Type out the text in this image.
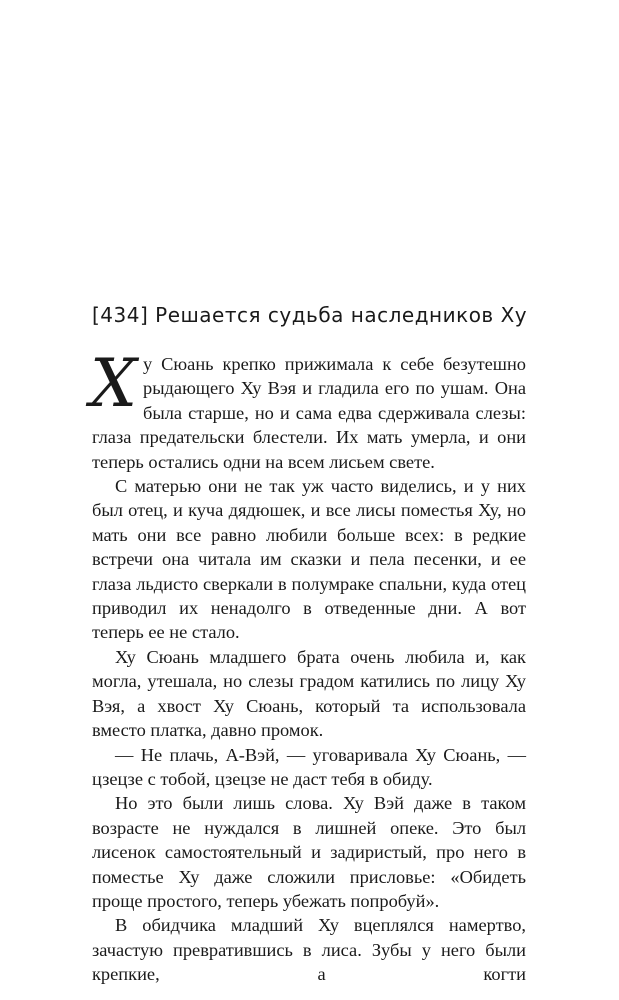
[434] Решается судьба наследников Ху

Ху Сюань крепко прижимала к себе безутешно рыдающего Ху Вэя и гладила его по ушам. Она была старше, но и сама едва сдерживала слезы: глаза предательски блестели. Их мать умерла, и они теперь остались одни на всем лисьем свете.

С матерью они не так уж часто виделись, и у них был отец, и куча дядюшек, и все лисы поместья Ху, но мать они все равно любили больше всех: в редкие встречи она читала им сказки и пела песенки, и ее глаза льдисто сверкали в полумраке спальни, куда отец приводил их ненадолго в отведенные дни. А вот теперь ее не стало.

Ху Сюань младшего брата очень любила и, как могла, утешала, но слезы градом катились по лицу Ху Вэя, а хвост Ху Сюань, который та использовала вместо платка, давно промок.

— Не плачь, А-Вэй, — уговаривала Ху Сюань, — цзецзе с тобой, цзецзе не даст тебя в обиду.

Но это были лишь слова. Ху Вэй даже в таком возрасте не нуждался в лишней опеке. Это был лисенок самостоятельный и задиристый, про него в поместье Ху даже сложили присловье: «Обидеть проще простого, теперь убежать попробуй».

В обидчика младший Ху вцеплялся намертво, зачастую превратившись в лиса. Зубы у него были крепкие, а когти
